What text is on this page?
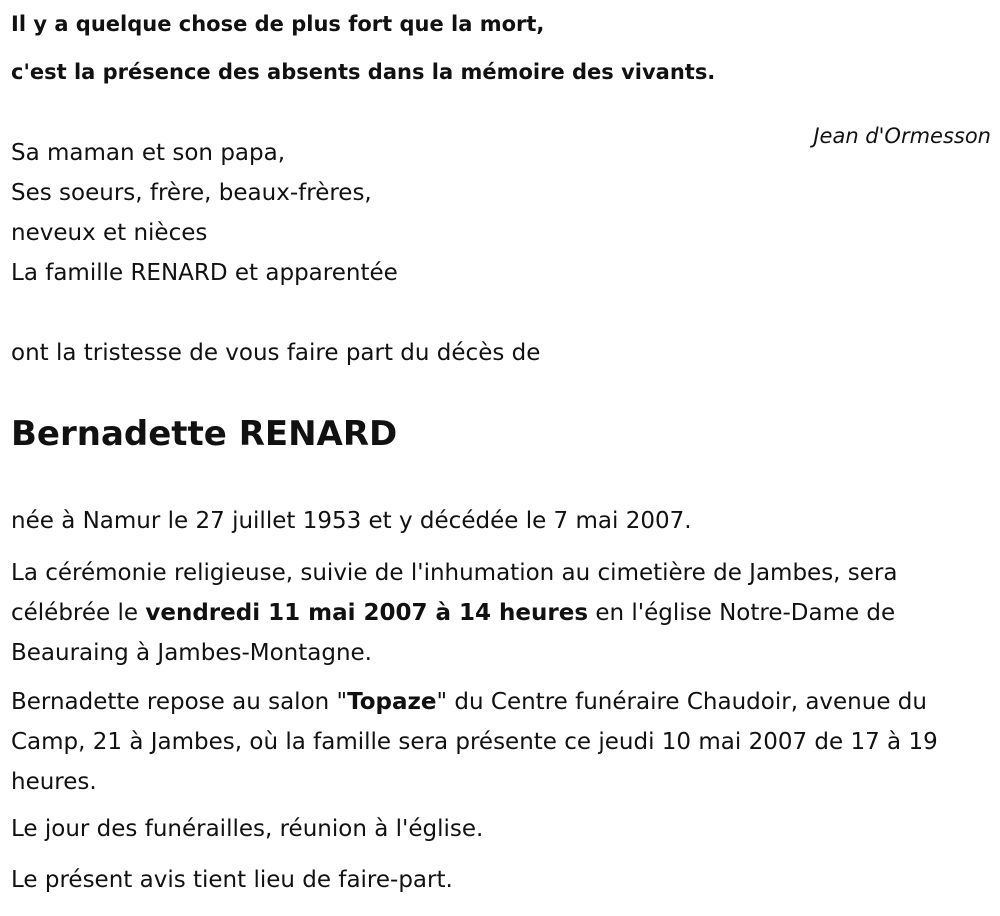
Il y a quelque chose de plus fort que la mort,

c'est la présence des absents dans la mémoire des vivants.

Jean d'Ormesson

Sa maman et son papa,

Ses soeurs, frère, beaux-frères,

neveux et nièces

La famille RENARD et apparentée

ont la tristesse de vous faire part du décès de

Bernadette RENARD

née à Namur le 27 juillet 1953 et y décédée le 7 mai 2007.

La cérémonie religieuse, suivie de l'inhumation au cimetière de Jambes, sera célébrée le vendredi 11 mai 2007 à 14 heures en l'église Notre-Dame de Beauraing à Jambes-Montagne.

Bernadette repose au salon "Topaze" du Centre funéraire Chaudoir, avenue du Camp, 21 à Jambes, où la famille sera présente ce jeudi 10 mai 2007 de 17 à 19 heures.

Le jour des funérailles, réunion à l'église.

Le présent avis tient lieu de faire-part.
